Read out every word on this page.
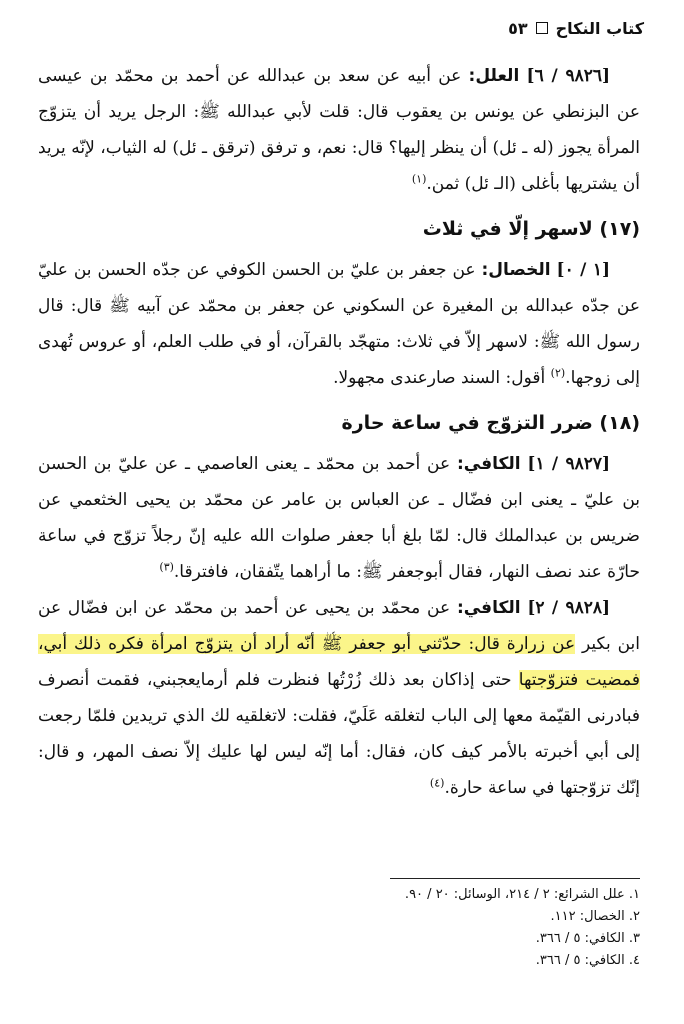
كتاب النكاح
٥٣

[٩٨٢٦ / ٦] العلل: عن أبيه عن سعد بن عبدالله عن أحمد بن محمّد بن عيسى عن البزنطي عن يونس بن يعقوب قال: قلت لأبي عبدالله ﷺ: الرجل يريد أن يتزوّج المرأة يجوز (له ـ ئل) أن ينظر إليها؟ قال: نعم، و ترفق (ترقق ـ ئل) له الثياب، لإنّه يريد أن يشتريها بأغلى (الـ ئل) ثمن.$^{(١)}$

(١٧) لاسهر إلّا في ثلاث

[١ / ٠] الخصال: عن جعفر بن عليّ بن الحسن الكوفي عن جدّه الحسن بن عليّ عن جدّه عبدالله بن المغيرة عن السكوني عن جعفر بن محمّد عن آبيه ﷺ قال: قال رسول الله ﷺ: لاسهر إلاّ في ثلاث: متهجّد بالقرآن، أو في طلب العلم، أو عروس تُهدى إلى زوجها.$^{(٢)}$ أقول: السند صارعندى مجهولا.

(١٨) ضرر التزوّج في ساعة حارة

[٩٨٢٧ / ١] الكافي: عن أحمد بن محمّد ـ يعنى العاصمي ـ عن عليّ بن الحسن بن عليّ ـ يعنى ابن فضّال ـ عن العباس بن عامر عن محمّد بن يحيى الخثعمي عن ضريس بن عبدالملك قال: لمّا بلغ أبا جعفر صلوات الله عليه إنّ رجلاً تزوّج في ساعة حارّة عند نصف النهار، فقال أبوجعفر ﷺ: ما أراهما يتّفقان، فافترقا.$^{(٣)}$

[٩٨٢٨ / ٢] الكافي: عن محمّد بن يحيى عن أحمد بن محمّد عن ابن فضّال عن ابن بكير عن زرارة قال: حدّثني أبو جعفر ﷺ أنّه أراد أن يتزوّج امرأة فكره ذلك أبي، فمضيت فتزوّجتها حتى إذاكان بعد ذلك زُرْتُها فنظرت فلم أرمايعجبني، فقمت أنصرف فبادرنى القيّمة معها إلى الباب لتغلقه عَلَيّ، فقلت: لاتغلقيه لك الذي تريدين فلمّا رجعت إلى أبي أخبرته بالأمر كيف كان، فقال: أما إنّه ليس لها عليك إلاّ نصف المهر، و قال: إنّك تزوّجتها في ساعة حارة.$^{(٤)}$

١. علل الشرائع: ٢ / ٢١٤، الوسائل: ٢٠ / ٩٠.
٢. الخصال: ١١٢.
٣. الكافي: ٥ / ٣٦٦.
٤. الكافي: ٥ / ٣٦٦.
